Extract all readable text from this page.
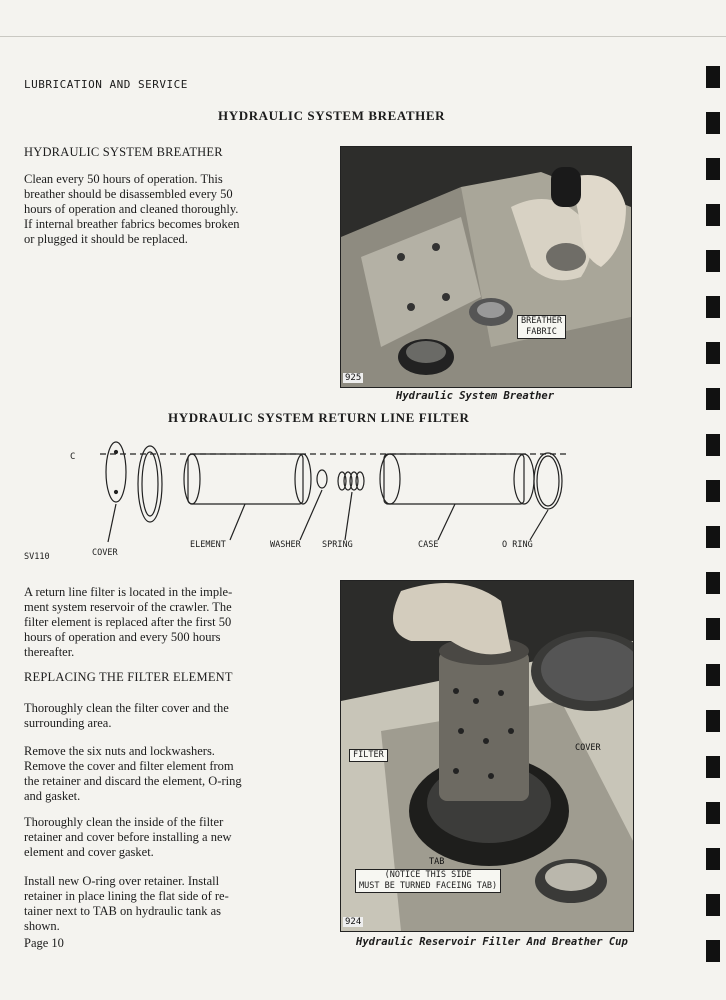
LUBRICATION AND SERVICE
HYDRAULIC SYSTEM BREATHER
HYDRAULIC SYSTEM BREATHER
Clean every 50 hours of operation. This
breather should be disassembled every 50
hours of operation and cleaned thoroughly.
If internal breather fabrics becomes broken
or plugged it should be replaced.
BREATHER
FABRIC
925
Hydraulic System Breather
HYDRAULIC SYSTEM RETURN LINE FILTER
C
SV110	COVER
ELEMENT	WASHER	SPRING	CASE	O RING
A return line filter is located in the imple-
ment system reservoir of the crawler. The
filter element is replaced after the first 50
hours of operation and every 500 hours
thereafter.
REPLACING THE FILTER ELEMENT
Thoroughly clean the filter cover and the
surrounding area.
Remove the six nuts and lockwashers.
Remove the cover and filter element from
the retainer and discard the element, O-ring
and gasket.
Thoroughly clean the inside of the filter
retainer and cover before installing a new
element and cover gasket.
Install new O-ring over retainer. Install
retainer in place lining the flat side of re-
tainer next to TAB on hydraulic tank as
shown.
FILTER
COVER
TAB
(NOTICE THIS SIDE
MUST BE TURNED FACEING TAB)
924
Hydraulic Reservoir Filler And Breather Cup
Page 10
